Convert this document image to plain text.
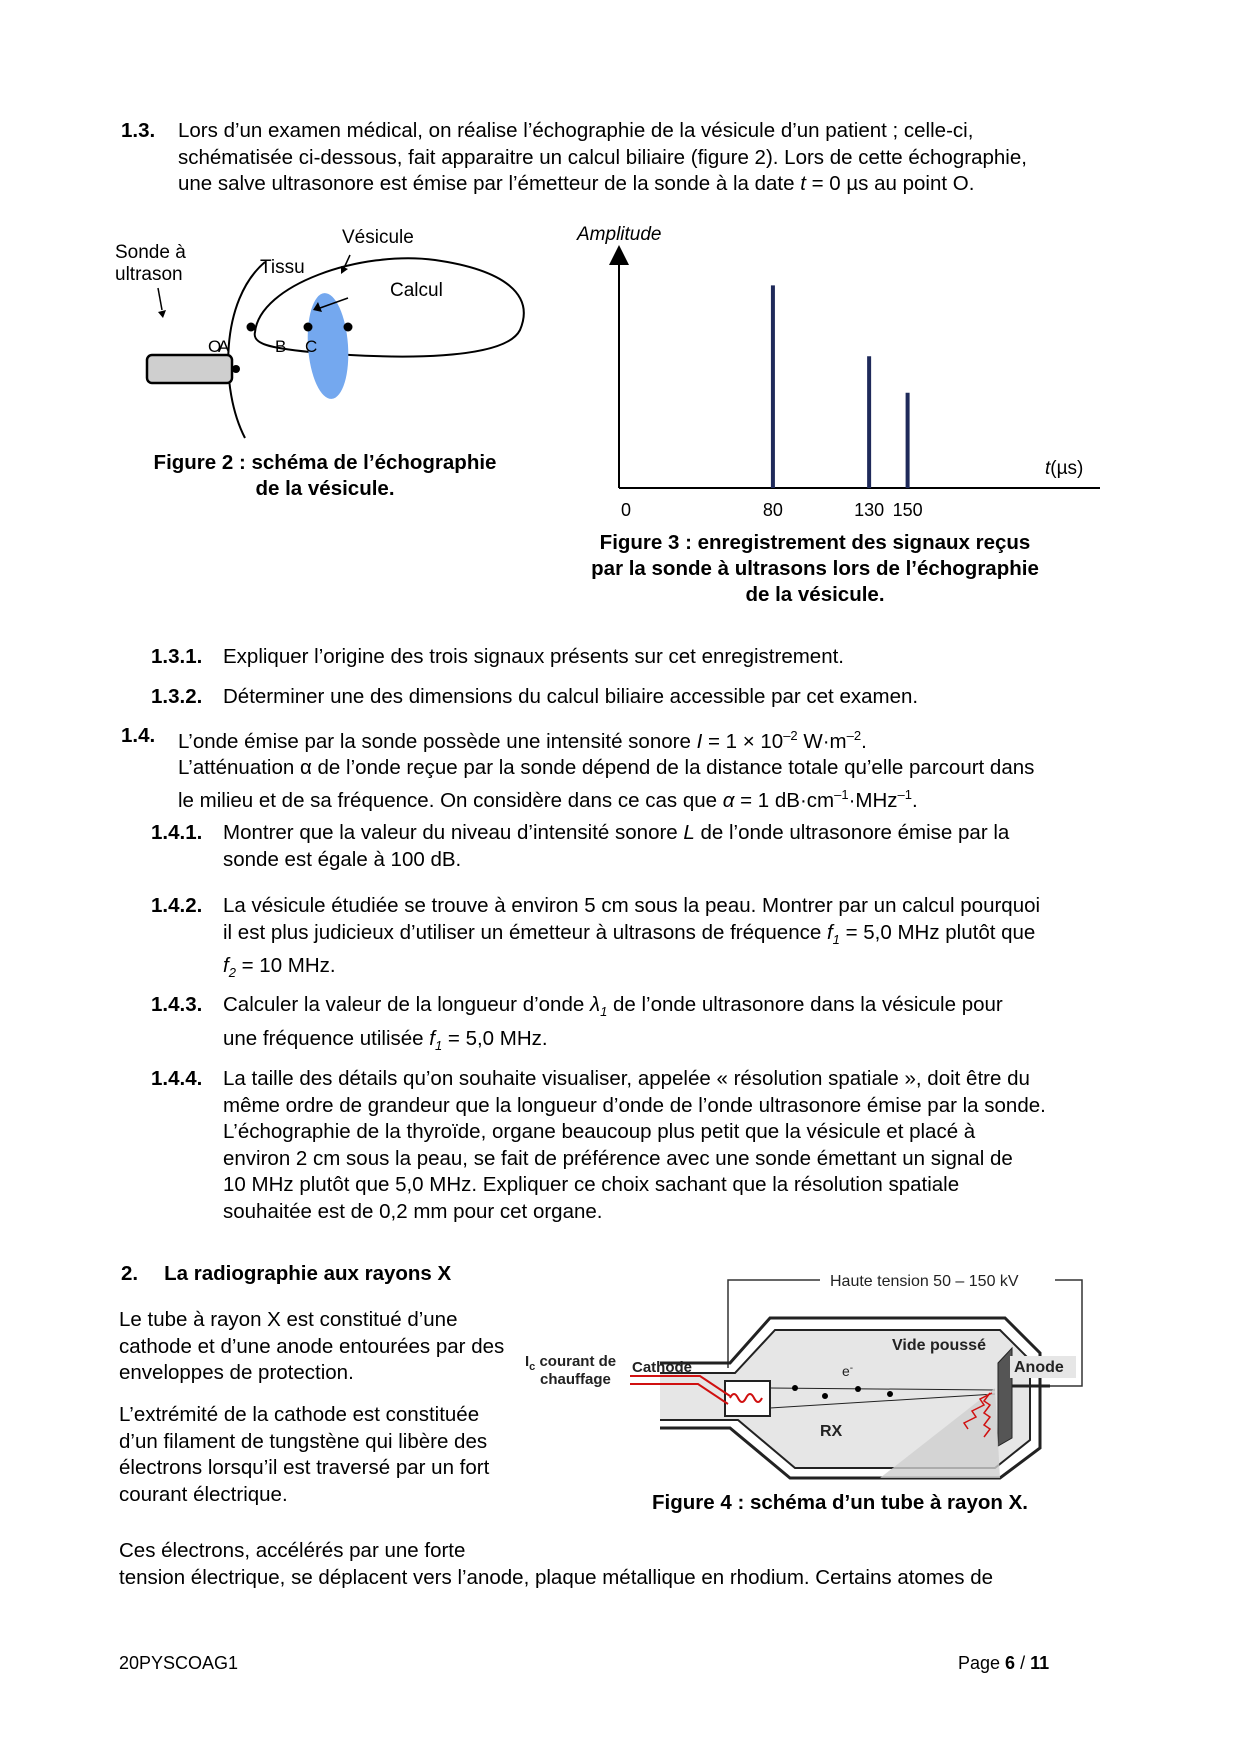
1.3. Lors d’un examen médical, on réalise l’échographie de la vésicule d’un patient ; celle-ci,
schématisée ci-dessous, fait apparaitre un calcul biliaire (figure 2). Lors de cette échographie,
une salve ultrasonore est émise par l’émetteur de la sonde à la date t = 0 µs au point O.
Sonde à
ultrason	Tissu
Vésicule
Calcul
O
A	B C
Figure 2 : schéma de l’échographie
de la vésicule.
Amplitude
t(µs)
0	80	130 150
Figure 3 : enregistrement des signaux reçus
par la sonde à ultrasons lors de l’échographie
de la vésicule.
1.3.1.	Expliquer l’origine des trois signaux présents sur cet enregistrement.
1.3.2.	Déterminer une des dimensions du calcul biliaire accessible par cet examen.
1.4. L’onde émise par la sonde possède une intensité sonore $I = 1 \times 10^{-2}$ $W\cdot m^{-2}$.
L’atténuation α de l’onde reçue par la sonde dépend de la distance totale qu’elle parcourt dans
le milieu et de sa fréquence. On considère dans ce cas que α = 1 $dB\cdot cm^{-1}\cdot MHz^{-1}$.
1.4.1. Montrer que la valeur du niveau d’intensité sonore L de l’onde ultrasonore émise par la
sonde est égale à 100 dB.
1.4.2. La vésicule étudiée se trouve à environ 5 cm sous la peau. Montrer par un calcul pourquoi
il est plus judicieux d’utiliser un émetteur à ultrasons de fréquence $f_1 = 5,0$ MHz plutôt que
$f_2 = 10$ MHz.
1.4.3. Calculer la valeur de la longueur d’onde $\lambda_1$ de l’onde ultrasonore dans la vésicule pour
une fréquence utilisée $f_1 = 5,0$ MHz.
1.4.4. La taille des détails qu’on souhaite visualiser, appelée « résolution spatiale », doit être du
même ordre de grandeur que la longueur d’onde de l’onde ultrasonore émise par la sonde.
L’échographie de la thyroïde, organe beaucoup plus petit que la vésicule et placé à
environ 2 cm sous la peau, se fait de préférence avec une sonde émettant un signal de
10 MHz plutôt que 5,0 MHz. Expliquer ce choix sachant que la résolution spatiale
souhaitée est de 0,2 mm pour cet organe.
2. La radiographie aux rayons X
Le tube à rayon X est constitué d’une
cathode et d’une anode entourées par des
enveloppes de protection.
L’extrémité de la cathode est constituée
d’un filament de tungstène qui libère des
électrons lorsqu’il est traversé par un fort
courant électrique.
Ces électrons, accélérés par une forte
tension électrique, se déplacent vers l’anode, plaque métallique en rhodium. Certains atomes de
Haute tension 50 – 150 kV
Vide poussé
Anode
Cathode
$I_c$ courant de
chauffage	e-
RX
Figure 4 : schéma d’un tube à rayon X.
20PYSCOAG1	Page 6 / 11
